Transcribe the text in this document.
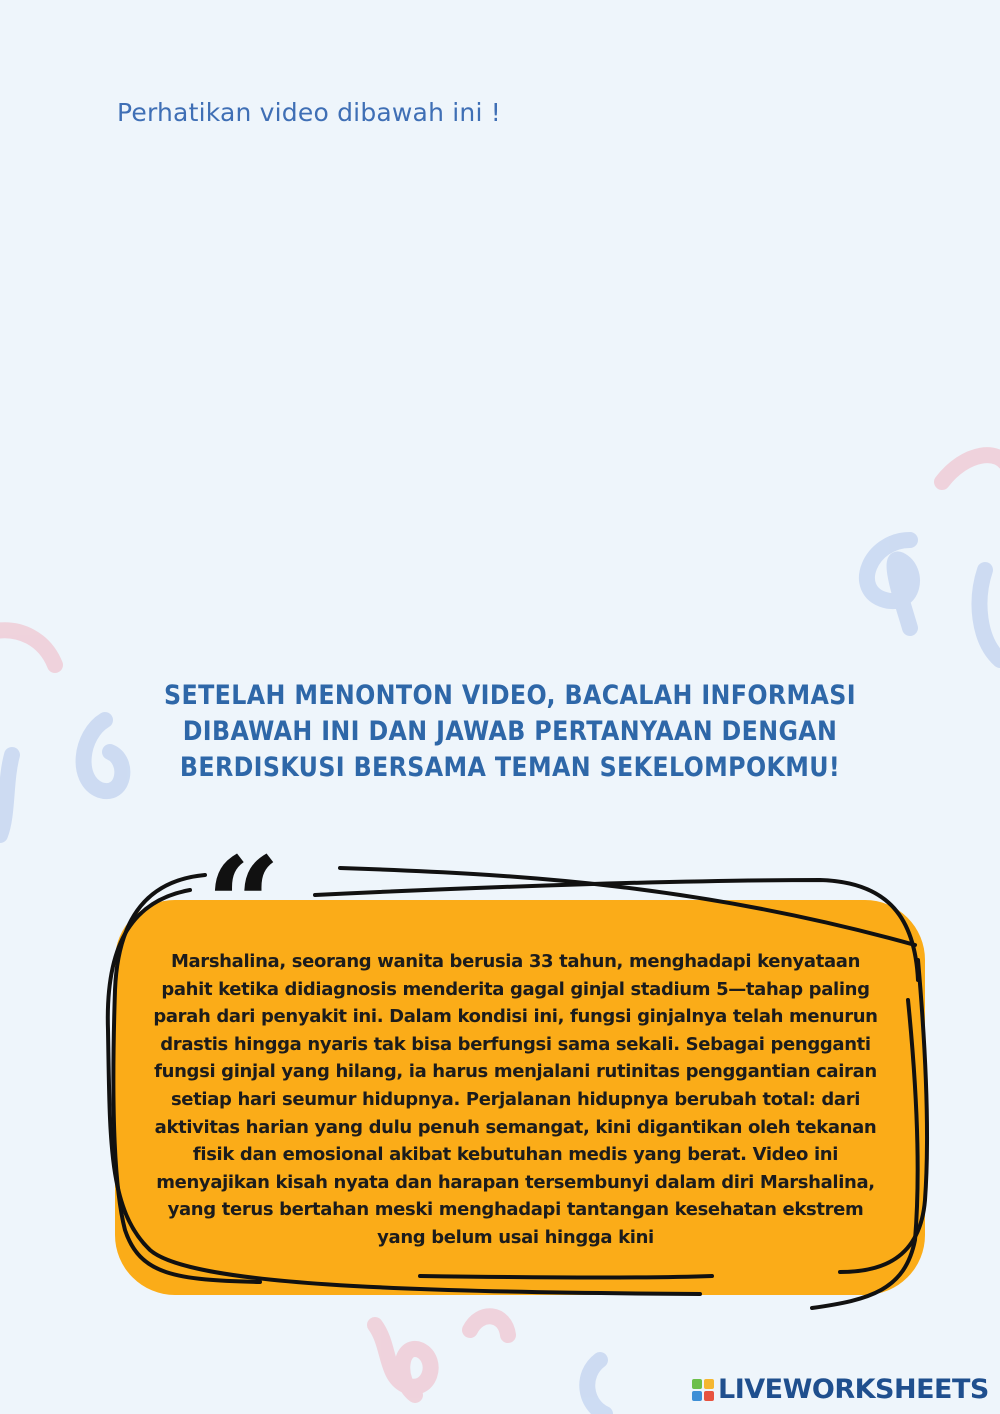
Perhatikan video dibawah ini !
SETELAH MENONTON VIDEO, BACALAH INFORMASI DIBAWAH INI DAN JAWAB PERTANYAAN DENGAN BERDISKUSI BERSAMA TEMAN SEKELOMPOKMU!
“

Marshalina, seorang wanita berusia 33 tahun, menghadapi kenyataan pahit ketika didiagnosis menderita gagal ginjal stadium 5—tahap paling parah dari penyakit ini. Dalam kondisi ini, fungsi ginjalnya telah menurun drastis hingga nyaris tak bisa berfungsi sama sekali. Sebagai pengganti fungsi ginjal yang hilang, ia harus menjalani rutinitas penggantian cairan setiap hari seumur hidupnya. Perjalanan hidupnya berubah total: dari aktivitas harian yang dulu penuh semangat, kini digantikan oleh tekanan fisik dan emosional akibat kebutuhan medis yang berat. Video ini menyajikan kisah nyata dan harapan tersembunyi dalam diri Marshalina, yang terus bertahan meski menghadapi tantangan kesehatan ekstrem yang belum usai hingga kini

LIVEWORKSHEETS
